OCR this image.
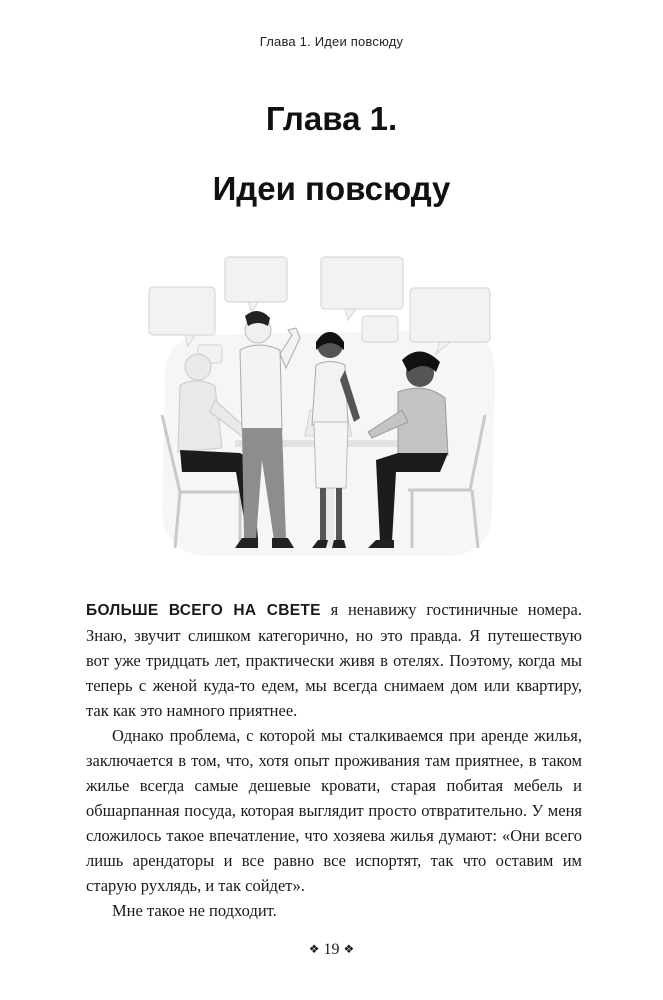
Глава 1. Идеи повсюду
Глава 1.
Идеи повсюду

БОЛЬШЕ ВСЕГО НА СВЕТЕ я ненавижу гостиничные номера. Знаю, звучит слишком категорично, но это правда. Я путешествую вот уже тридцать лет, практически живя в отелях. Поэтому, когда мы теперь с женой куда-то едем, мы всегда снимаем дом или квартиру, так как это намного приятнее.

Однако проблема, с которой мы сталкиваемся при аренде жилья, заключается в том, что, хотя опыт проживания там приятнее, в таком жилье всегда самые дешевые кровати, старая побитая мебель и обшарпанная посуда, которая выглядит просто отвратительно. У меня сложилось такое впечатление, что хозяева жилья думают: «Они всего лишь арендаторы и все равно все испортят, так что оставим им старую рухлядь, и так сойдет».

Мне такое не подходит.

❖ 19 ❖
